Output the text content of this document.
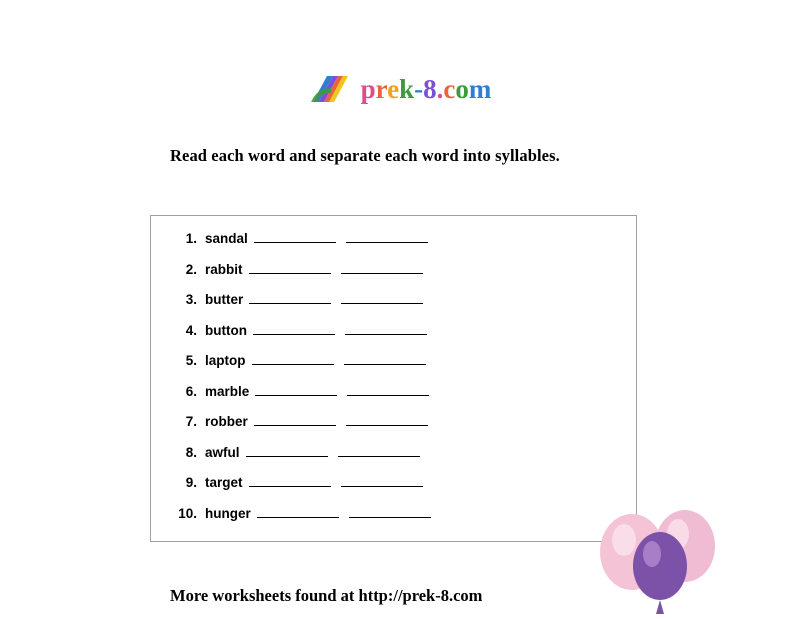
prek-8.com
Read each word and separate each word into syllables.
1. sandal
2. rabbit
3. butter
4. button
5. laptop
6. marble
7. robber
8. awful
9. target
10. hunger
More worksheets found at http://prek-8.com
